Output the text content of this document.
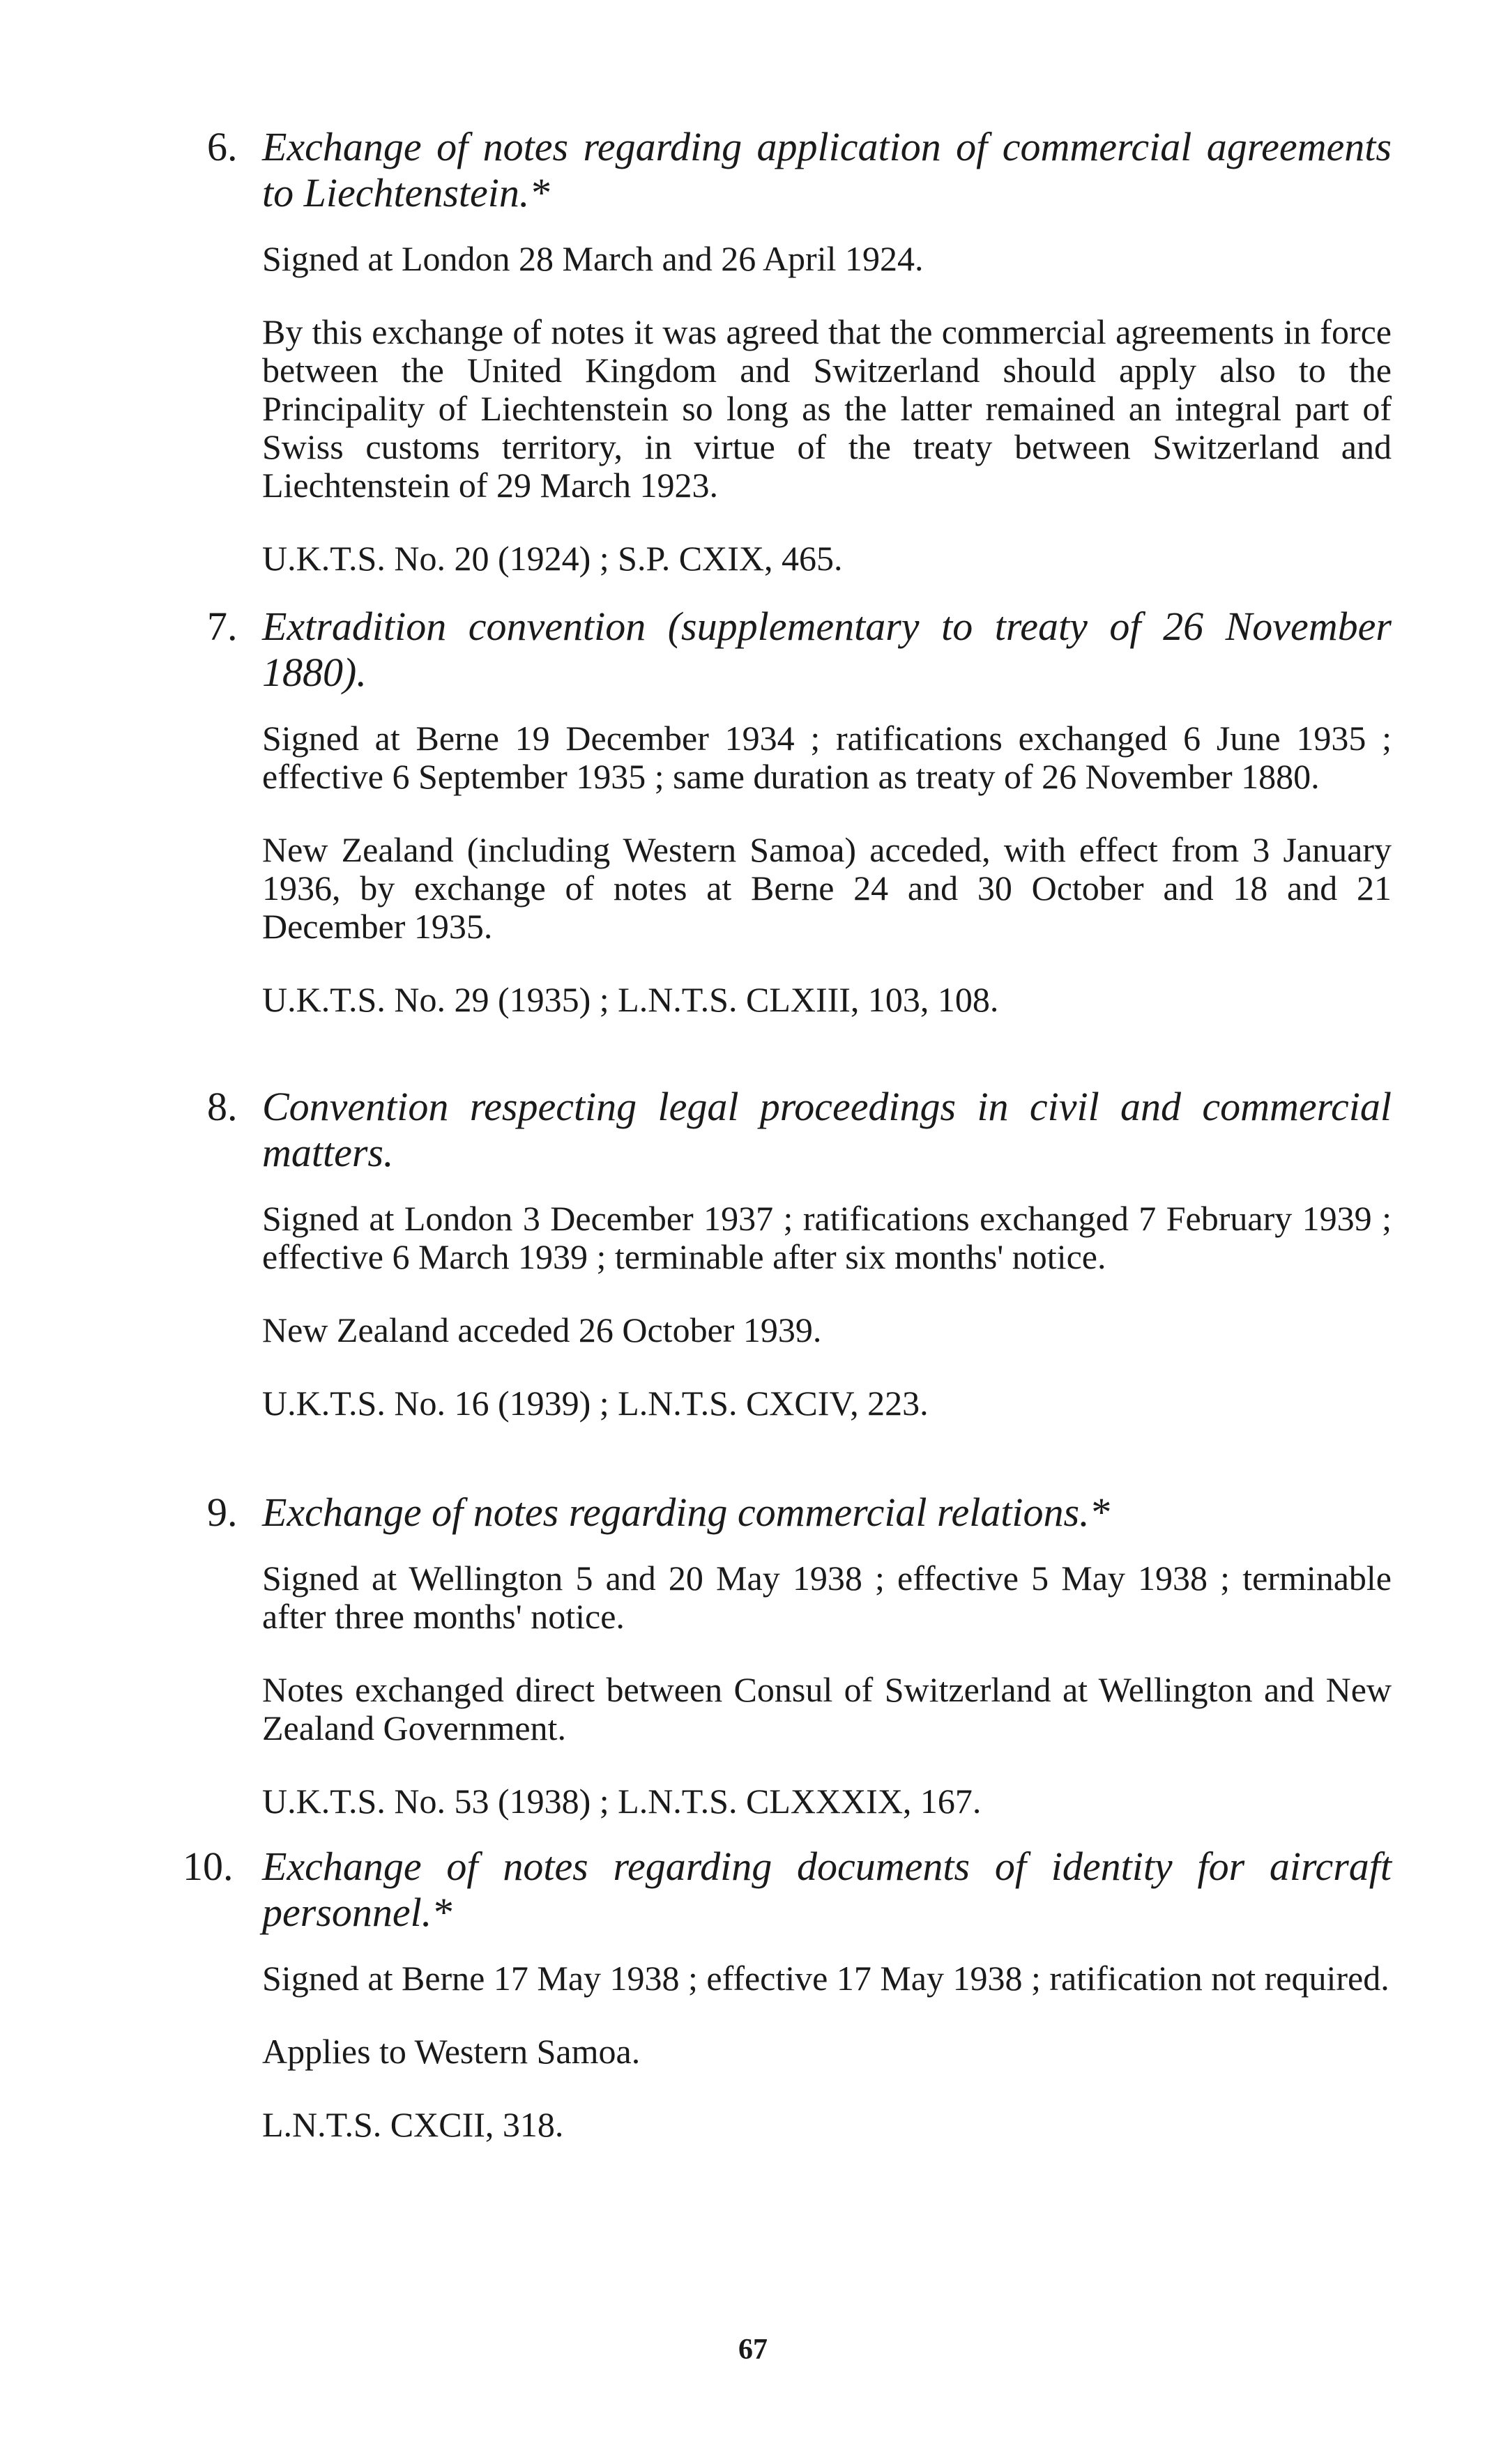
6. Exchange of notes regarding application of commercial agreements to Liechtenstein.*

Signed at London 28 March and 26 April 1924.

By this exchange of notes it was agreed that the commercial agreements in force between the United Kingdom and Switzerland should apply also to the Principality of Liechtenstein so long as the latter remained an integral part of Swiss customs territory, in virtue of the treaty between Switzerland and Liechtenstein of 29 March 1923.

U.K.T.S. No. 20 (1924) ; S.P. CXIX, 465.

7. Extradition convention (supplementary to treaty of 26 November 1880).

Signed at Berne 19 December 1934 ; ratifications exchanged 6 June 1935 ; effective 6 September 1935 ; same duration as treaty of 26 November 1880.

New Zealand (including Western Samoa) acceded, with effect from 3 January 1936, by exchange of notes at Berne 24 and 30 October and 18 and 21 December 1935.

U.K.T.S. No. 29 (1935) ; L.N.T.S. CLXIII, 103, 108.

8. Convention respecting legal proceedings in civil and commercial matters.

Signed at London 3 December 1937 ; ratifications exchanged 7 February 1939 ; effective 6 March 1939 ; terminable after six months' notice.

New Zealand acceded 26 October 1939.

U.K.T.S. No. 16 (1939) ; L.N.T.S. CXCIV, 223.

9. Exchange of notes regarding commercial relations.*

Signed at Wellington 5 and 20 May 1938 ; effective 5 May 1938 ; terminable after three months' notice.

Notes exchanged direct between Consul of Switzerland at Wellington and New Zealand Government.

U.K.T.S. No. 53 (1938) ; L.N.T.S. CLXXXIX, 167.

10. Exchange of notes regarding documents of identity for aircraft personnel.*

Signed at Berne 17 May 1938 ; effective 17 May 1938 ; ratification not required.

Applies to Western Samoa.

L.N.T.S. CXCII, 318.

67
